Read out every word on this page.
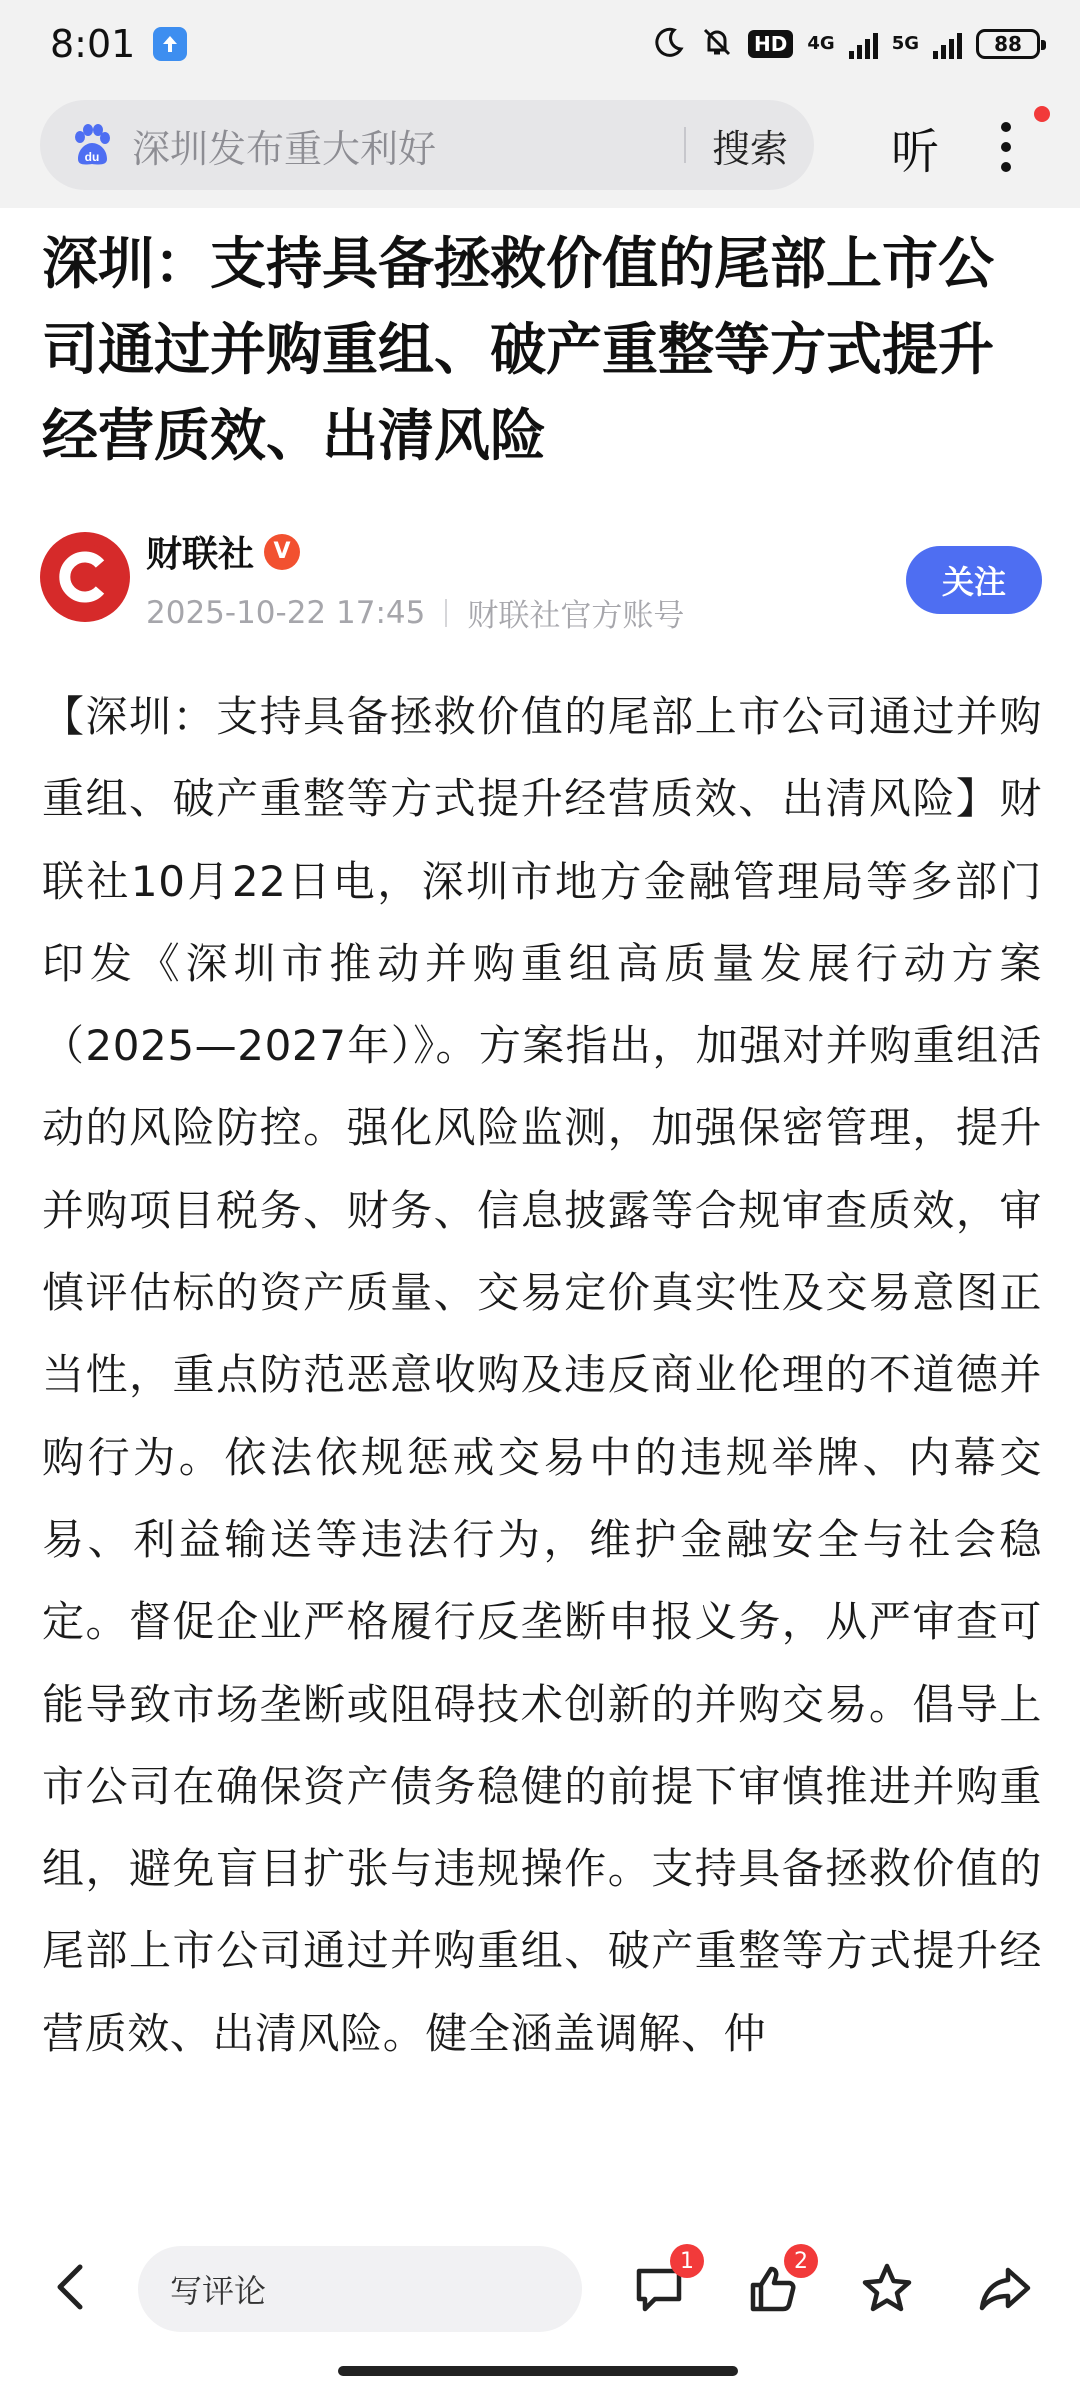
8:01	HD	4G	5G	88
du 深圳发布重大利好	搜索	听
深圳：支持具备拯救价值的尾部上市公司通过并购重组、破产重整等方式提升经营质效、出清风险
财联社 V
2025-10-22 17:45 财联社官方账号
关注

【深圳：支持具备拯救价值的尾部上市公司通过并购重组、破产重整等方式提升经营质效、出清风险】财联社10月22日电，深圳市地方金融管理局等多部门印发《深圳市推动并购重组高质量发展行动方案（2025—2027年）》。方案指出，加强对并购重组活动的风险防控。强化风险监测，加强保密管理，提升并购项目税务、财务、信息披露等合规审查质效，审慎评估标的资产质量、交易定价真实性及交易意图正当性，重点防范恶意收购及违反商业伦理的不道德并购行为。依法依规惩戒交易中的违规举牌、内幕交易、利益输送等违法行为，维护金融安全与社会稳定。督促企业严格履行反垄断申报义务，从严审查可能导致市场垄断或阻碍技术创新的并购交易。倡导上市公司在确保资产债务稳健的前提下审慎推进并购重组，避免盲目扩张与违规操作。支持具备拯救价值的尾部上市公司通过并购重组、破产重整等方式提升经营质效、出清风险。健全涵盖调解、仲

写评论
1	2
